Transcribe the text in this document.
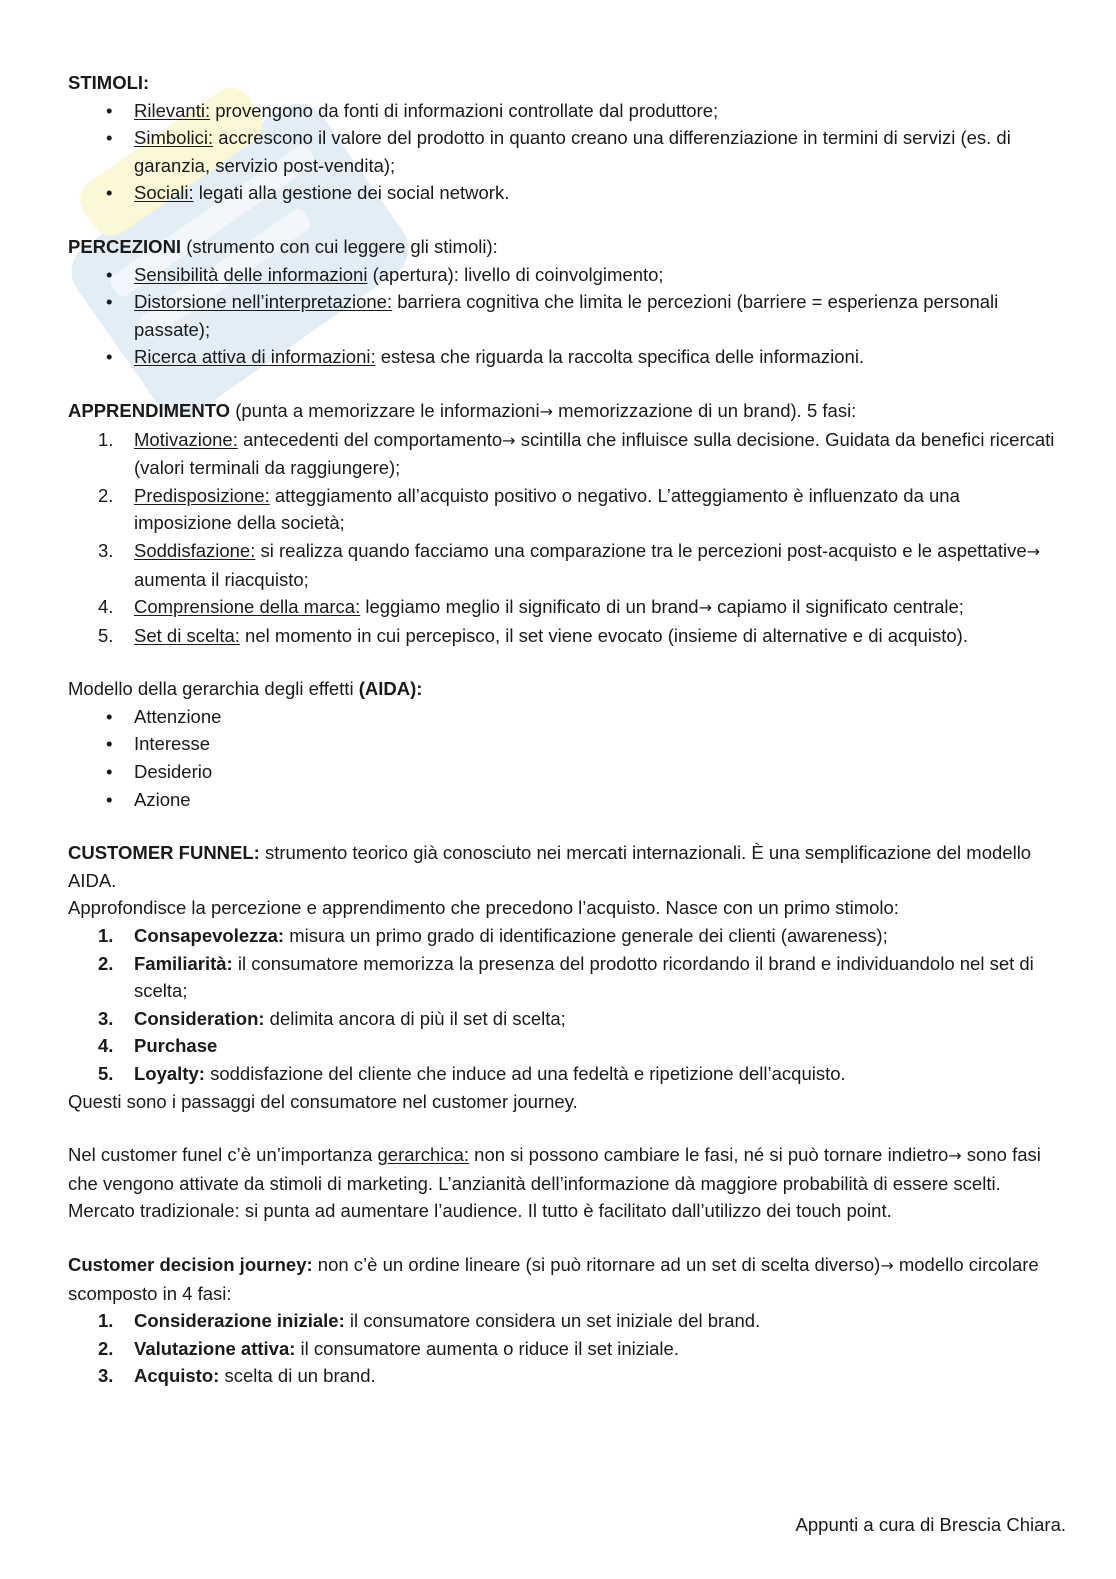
STIMOLI:

•	Rilevanti: provengono da fonti di informazioni controllate dal produttore;
•	Simbolici: accrescono il valore del prodotto in quanto creano una differenziazione in termini di servizi (es. di garanzia, servizio post-vendita);
•	Sociali: legati alla gestione dei social network.

PERCEZIONI (strumento con cui leggere gli stimoli):

•	Sensibilità delle informazioni (apertura): livello di coinvolgimento;
•	Distorsione nell’interpretazione: barriera cognitiva che limita le percezioni (barriere = esperienza personali passate);
•	Ricerca attiva di informazioni: estesa che riguarda la raccolta specifica delle informazioni.

APPRENDIMENTO (punta a memorizzare le informazioni→ memorizzazione di un brand). 5 fasi:

1.	Motivazione: antecedenti del comportamento→ scintilla che influisce sulla decisione. Guidata da benefici ricercati (valori terminali da raggiungere);
2.	Predisposizione: atteggiamento all’acquisto positivo o negativo. L’atteggiamento è influenzato da una imposizione della società;
3.	Soddisfazione: si realizza quando facciamo una comparazione tra le percezioni post-acquisto e le aspettative→ aumenta il riacquisto;
4.	Comprensione della marca: leggiamo meglio il significato di un brand→ capiamo il significato centrale;
5.	Set di scelta: nel momento in cui percepisco, il set viene evocato (insieme di alternative e di acquisto).

Modello della gerarchia degli effetti (AIDA):

•	Attenzione
•	Interesse
•	Desiderio
•	Azione

CUSTOMER FUNNEL: strumento teorico già conosciuto nei mercati internazionali. È una semplificazione del modello AIDA.

Approfondisce la percezione e apprendimento che precedono l’acquisto. Nasce con un primo stimolo:

1.	Consapevolezza: misura un primo grado di identificazione generale dei clienti (awareness);
2.	Familiarità: il consumatore memorizza la presenza del prodotto ricordando il brand e individuandolo nel set di scelta;
3.	Consideration: delimita ancora di più il set di scelta;
4.	Purchase
5.	Loyalty: soddisfazione del cliente che induce ad una fedeltà e ripetizione dell’acquisto.

Questi sono i passaggi del consumatore nel customer journey.

Nel customer funel c’è un’importanza gerarchica: non si possono cambiare le fasi, né si può tornare indietro→ sono fasi che vengono attivate da stimoli di marketing. L’anzianità dell’informazione dà maggiore probabilità di essere scelti.

Mercato tradizionale: si punta ad aumentare l’audience. Il tutto è facilitato dall’utilizzo dei touch point.

Customer decision journey: non c’è un ordine lineare (si può ritornare ad un set di scelta diverso)→ modello circolare scomposto in 4 fasi:

1.	Considerazione iniziale: il consumatore considera un set iniziale del brand.
2.	Valutazione attiva: il consumatore aumenta o riduce il set iniziale.
3.	Acquisto: scelta di un brand.
Appunti a cura di Brescia Chiara.
